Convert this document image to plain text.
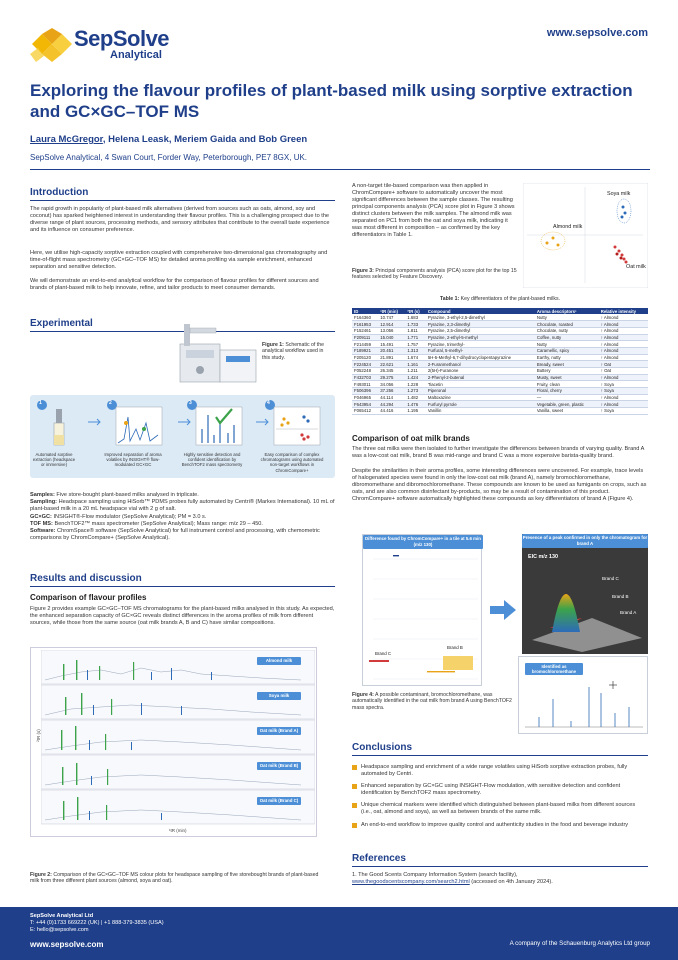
SepSolve
Analytical
www.sepsolve.com
Exploring the flavour profiles of plant-based milk using sorptive extraction and GC×GC–TOF MS
Laura McGregor, Helena Leask, Meriem Gaida and Bob Green
SepSolve Analytical, 4 Swan Court, Forder Way, Peterborough, PE7 8GX, UK.
Introduction

The rapid growth in popularity of plant-based milk alternatives (derived from sources such as oats, almond, soy and coconut) has sparked heightened interest in understanding their flavour profiles. This is a challenging prospect due to the diverse range of plant sources, processing methods, and sensory attributes that contribute to the overall taste experience and its influence on consumer preference.

Here, we utilise high-capacity sorptive extraction coupled with comprehensive two-dimensional gas chromatography and time-of-flight mass spectrometry (GC×GC–TOF MS) for detailed aroma profiling via sample enrichment, enhanced separation and sensitive detection.

We will demonstrate an end-to-end analytical workflow for the comparison of flavour profiles for different sources and brands of plant-based milk to help innovate, refine, and tailor products to meet consumer demands.

Experimental
Figure 1: Schematic of the analytical workflow used in this study.
1	2	3	4
Automated sorptive extraction (headspace or immersive)
Improved separation of aroma volatiles by INSIGHT® flow-modulated GC×GC
Highly sensitive detection and confident identification by BenchTOF2 mass spectrometry
Easy comparison of complex chromatograms using automated non-target workflows in ChromCompare+
Samples: Five store-bought plant-based milks analysed in triplicate.
Sampling: Headspace sampling using HiSorb™ PDMS probes fully automated by Centri® (Markes International). 10 mL of plant-based milk in a 20 mL headspace vial with 2 g of salt.
GC×GC: INSIGHT®-Flow modulator (SepSolve Analytical); PM = 3.0 s.
TOF MS: BenchTOF2™ mass spectrometer (SepSolve Analytical); Mass range: m/z 29 – 450.
Software: ChromSpace® software (SepSolve Analytical) for full instrument control and processing, with chemometric comparisons by ChromCompare+ (SepSolve Analytical).
Results and discussion
Comparison of flavour profiles

Figure 2 provides example GC×GC–TOF MS chromatograms for the plant-based milks analysed in this study. As expected, the enhanced separation capacity of GC×GC reveals distinct differences in the aroma profiles of milk from different sources, while those from the same source (oat milk brands A, B and C) have similar compositions.

²tR (s)
¹tR (min)
Almond milk
Soya milk
Oat milk (Brand A)
Oat milk (Brand B)
Oat milk (Brand C)
Figure 2: Comparison of the GC×GC–TOF MS colour plots for headspace sampling of five storebought brands of plant-based milk from three different plant sources (almond, soya and oat).

A non-target tile-based comparison was then applied in ChromCompare+ software to automatically uncover the most significant differences between the sample classes. The resulting principal components analysis (PCA) score plot in Figure 3 shows distinct clusters between the milk samples. The almond milk was separated on PC1 from both the oat and soya milk, indicating it was most different in composition – as confirmed by the key differentiators in Table 1.

Soya milk
Almond milk
Oat milk
Figure 3: Principal components analysis (PCA) score plot for the top 15 features selected by Feature Discovery.
Table 1: Key differentiators of the plant-based milks.
ID	¹tR (min)	²tR (s)	Compound	Aroma descriptors¹	Relative intensity
F164360	10.747	1.683	Pyrazine, 3-ethyl-2,5-dimethyl	Nutty	↑ Almond
F161953	12.914	1.733	Pyrazine, 2,3-dimethyl	Chocolate, roasted	↑ Almond
F152461	13.056	1.811	Pyrazine, 2,5-dimethyl	Chocolate, nutty	↑ Almond
F209111	15.040	1.771	Pyrazine, 2-ethyl-5-methyl	Coffee, nutty	↑ Almond
F214459	15.491	1.757	Pyrazine, trimethyl-	Nutty	↑ Almond
F189921	20.451	1.313	Furfural, 5-methyl-	Caramellic, spicy	↑ Almond
F205120	21.891	1.674	5H-5-Methyl-6,7-dihydrocyclopentapyrazine	Earthy, nutty	↑ Almond
F224524	22.621	1.161	2-Furanmethanol	Bready, sweet	↑ Oat
F052248	26.345	1.211	2(5H)-Furanone	Buttery	↑ Oat
F432703	29.275	1.424	2-Phenyl-2-butenal	Musty, sweet	↑ Almond
F493011	34.056	1.228	Tiacetin	Fruity, clean	↑ Soya
F506396	37.256	1.273	Piperonal	Floral, cherry	↑ Soya
F046965	44.114	1.482	Maltoxazine	—	↑ Almond
F643954	44.294	1.476	Furfuryl pyrrole	Vegetable, green, plastic	↑ Almond
F065412	44.416	1.195	Vanillin	Vanilla, sweet	↑ Soya
Comparison of oat milk brands

The three oat milks were then isolated to further investigate the differences between brands of varying quality. Brand A was a low-cost oat milk, brand B was mid-range and brand C was a more expensive barista-quality brand.

Despite the similarities in their aroma profiles, some interesting differences were uncovered. For example, trace levels of halogenated species were found in only the low-cost oat milk (brand A), namely bromochloromethane, dibromomethane and dibromochloromethane. These compounds are known to be used as fumigants on crops, such as oats, and are also common disinfectant by-products, so may be a result of contamination of this product. ChromCompare+ software automatically highlighted these compounds as key differentiators of brand A (Figure 4).

Difference found by ChromCompare+ in a tile at 5.6 min (m/z 130)
Brand C
Brand B
Presence of a peak confirmed in only the chromatogram for brand A
EIC m/z 130
Brand C
Brand B
Brand A
Identified as bromochloromethane
Figure 4: A possible contaminant, bromochloromethane, was automatically identified in the oat milk from brand A using BenchTOF2 mass spectra.
Conclusions

Headspace sampling and enrichment of a wide range volatiles using HiSorb sorptive extraction probes, fully automated by Centri.

Enhanced separation by GC×GC using INSIGHT-Flow modulation, with sensitive detection and confident identification by BenchTOF2 mass spectrometry.

Unique chemical markers were identified which distinguished between plant-based milks from different sources (i.e., oat, almond and soya), as well as between brands of the same milk.

An end-to-end workflow to improve quality control and authenticity studies in the food and beverage industry

References

1. The Good Scents Company Information System (search facility),
www.thegoodscentscompany.com/search2.html (accessed on 4th January 2024).

SepSolve Analytical Ltd
T: +44 (0)1733 669222 (UK) | +1 888-379-3835 (USA)
E: hello@sepsolve.com
www.sepsolve.com	A company of the Schauenburg Analytics Ltd group
